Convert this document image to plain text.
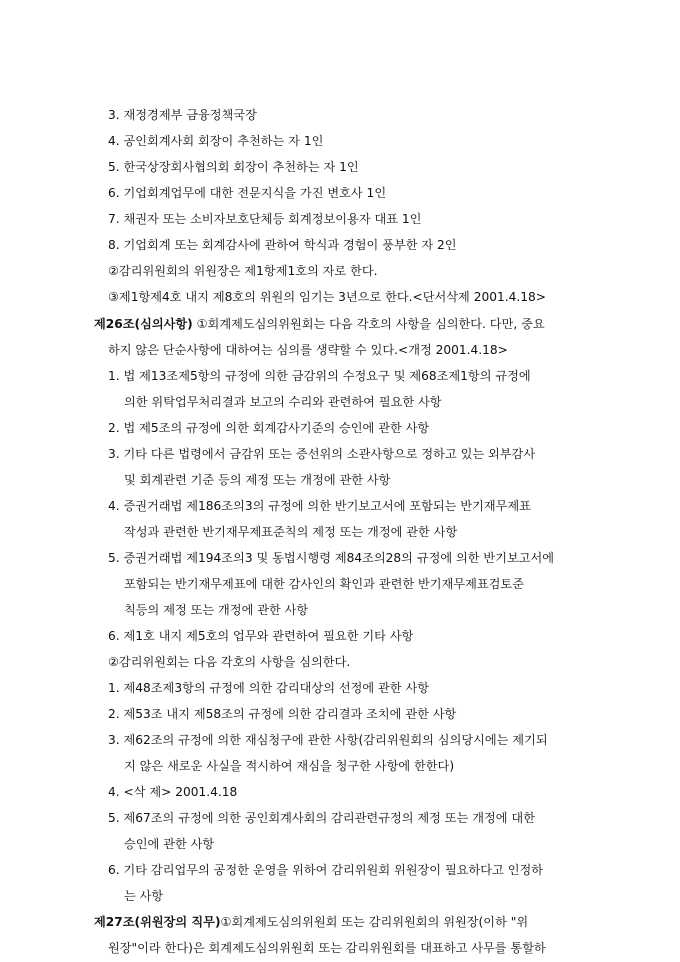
3. 재정경제부 금융정책국장
4. 공인회계사회 회장이 추천하는 자 1인
5. 한국상장회사협의회 회장이 추천하는 자 1인
6. 기업회계업무에 대한 전문지식을 가진 변호사 1인
7. 채권자 또는 소비자보호단체등 회계정보이용자 대표 1인
8. 기업회계 또는 회계감사에 관하여 학식과 경험이 풍부한 자 2인
②감리위원회의 위원장은 제1항제1호의 자로 한다.
③제1항제4호 내지 제8호의 위원의 임기는 3년으로 한다.<단서삭제 2001.4.18>
제26조(심의사항) ①회계제도심의위원회는 다음 각호의 사항을 심의한다. 다만, 중요
하지 않은 단순사항에 대하여는 심의를 생략할 수 있다.<개정 2001.4.18>
1. 법 제13조제5항의 규정에 의한 금감위의 수정요구 및 제68조제1항의 규정에
의한 위탁업무처리결과 보고의 수리와 관련하여 필요한 사항
2. 법 제5조의 규정에 의한 회계감사기준의 승인에 관한 사항
3. 기타 다른 법령에서 금감위 또는 증선위의 소관사항으로 정하고 있는 외부감사
및 회계관련 기준 등의 제정 또는 개정에 관한 사항
4. 증권거래법 제186조의3의 규정에 의한 반기보고서에 포함되는 반기재무제표
작성과 관련한 반기재무제표준칙의 제정 또는 개정에 관한 사항
5. 증권거래법 제194조의3 및 동법시행령 제84조의28의 규정에 의한 반기보고서에
포함되는 반기재무제표에 대한 감사인의 확인과 관련한 반기재무제표검토준
칙등의 제정 또는 개정에 관한 사항
6. 제1호 내지 제5호의 업무와 관련하여 필요한 기타 사항
②감리위원회는 다음 각호의 사항을 심의한다.
1. 제48조제3항의 규정에 의한 감리대상의 선정에 관한 사항
2. 제53조 내지 제58조의 규정에 의한 감리결과 조치에 관한 사항
3. 제62조의 규정에 의한 재심청구에 관한 사항(감리위원회의 심의당시에는 제기되
지 않은 새로운 사실을 적시하여 재심을 청구한 사항에 한한다)
4. <삭 제> 2001.4.18
5. 제67조의 규정에 의한 공인회계사회의 감리관련규정의 제정 또는 개정에 대한
승인에 관한 사항
6. 기타 감리업무의 공정한 운영을 위하여 감리위원회 위원장이 필요하다고 인정하
는 사항
제27조(위원장의 직무)①회계제도심의위원회 또는 감리위원회의 위원장(이하 "위
원장"이라 한다)은 회계제도심의위원회 또는 감리위원회를 대표하고 사무를 통할하
